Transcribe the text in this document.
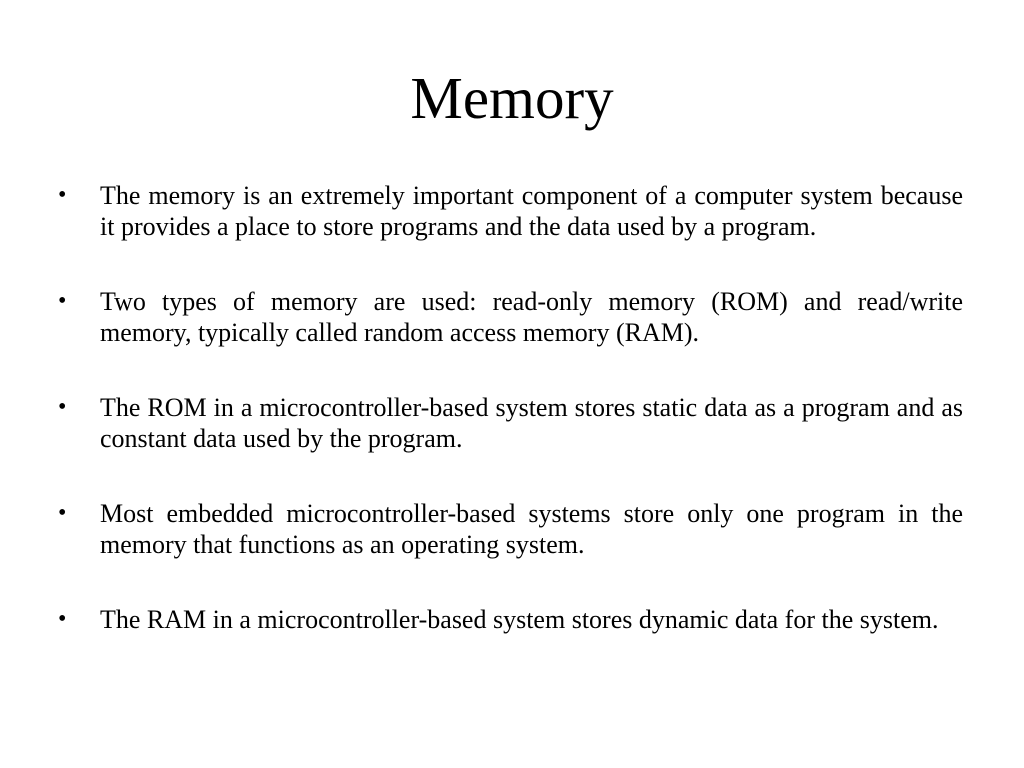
Memory
• The memory is an extremely important component of a computer system because it provides a place to store programs and the data used by a program.
• Two types of memory are used: read-only memory (ROM) and read/write memory, typically called random access memory (RAM).
• The ROM in a microcontroller-based system stores static data as a program and as constant data used by the program.
• Most embedded microcontroller-based systems store only one program in the memory that functions as an operating system.
• The RAM in a microcontroller-based system stores dynamic data for the system.
